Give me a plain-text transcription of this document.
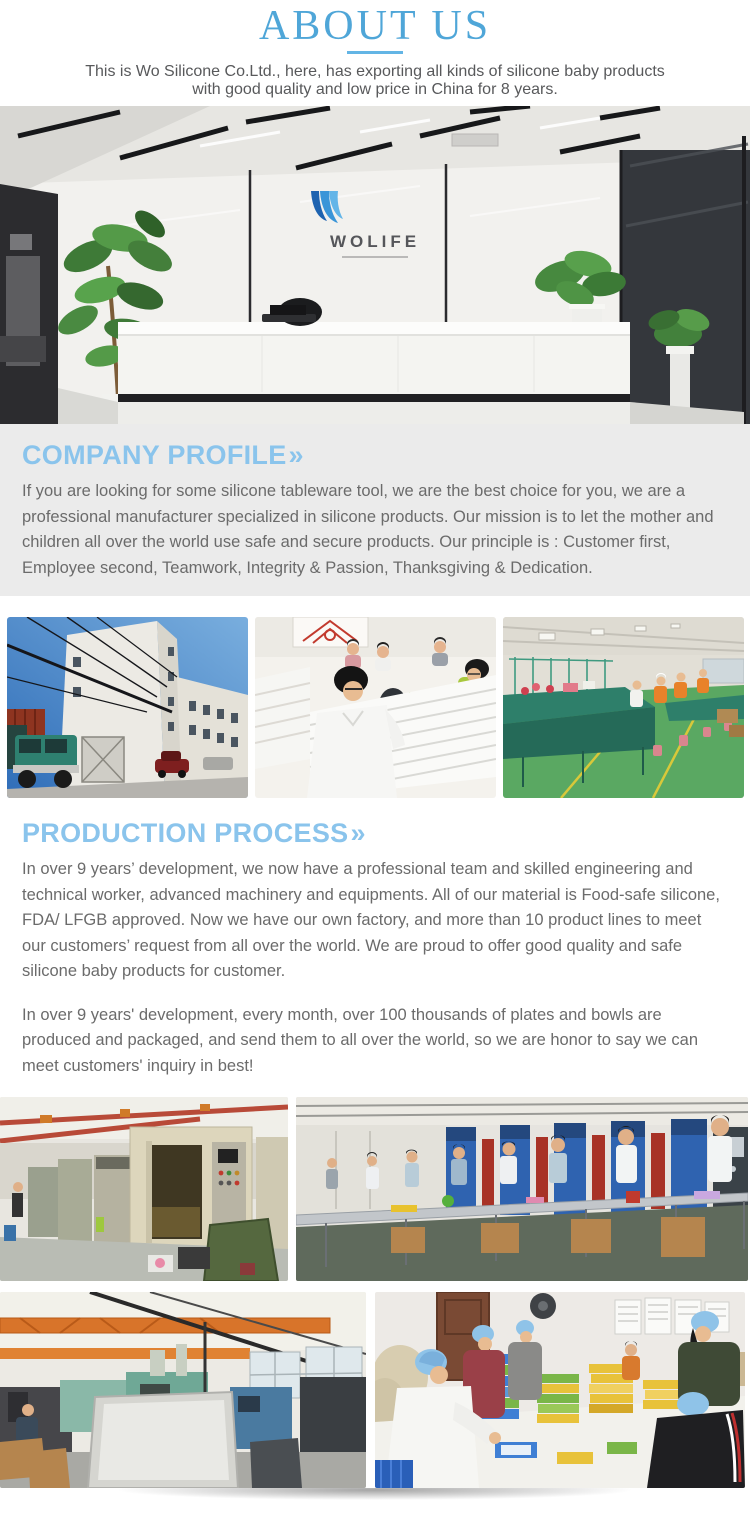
ABOUT US

This is Wo Silicone Co.Ltd., here, has exporting all kinds of silicone baby products
with good quality and low price in China for 8 years.

WOLIFE
COMPANY PROFILE»

If you are looking for some silicone tableware tool, we are the best choice for you, we are a professional manufacturer specialized in silicone products. Our mission is to let the mother and children all over the world use safe and secure products. Our principle is : Customer first, Employee second, Teamwork, Integrity & Passion, Thanksgiving & Dedication.

PRODUCTION PROCESS»

In over 9 years’ development, we now have a professional team and skilled engineering and technical worker, advanced machinery and equipments. All of our material is Food-safe silicone, FDA/ LFGB approved. Now we have our own factory, and more than 10 product lines to meet our customers’ request from all over the world. We are proud to offer good quality and safe silicone baby products for customer.

In over 9 years' development, every month, over 100 thousands of plates and bowls are produced and packaged, and send them to all over the world, so we are honor to say we can meet customers' inquiry in best!
